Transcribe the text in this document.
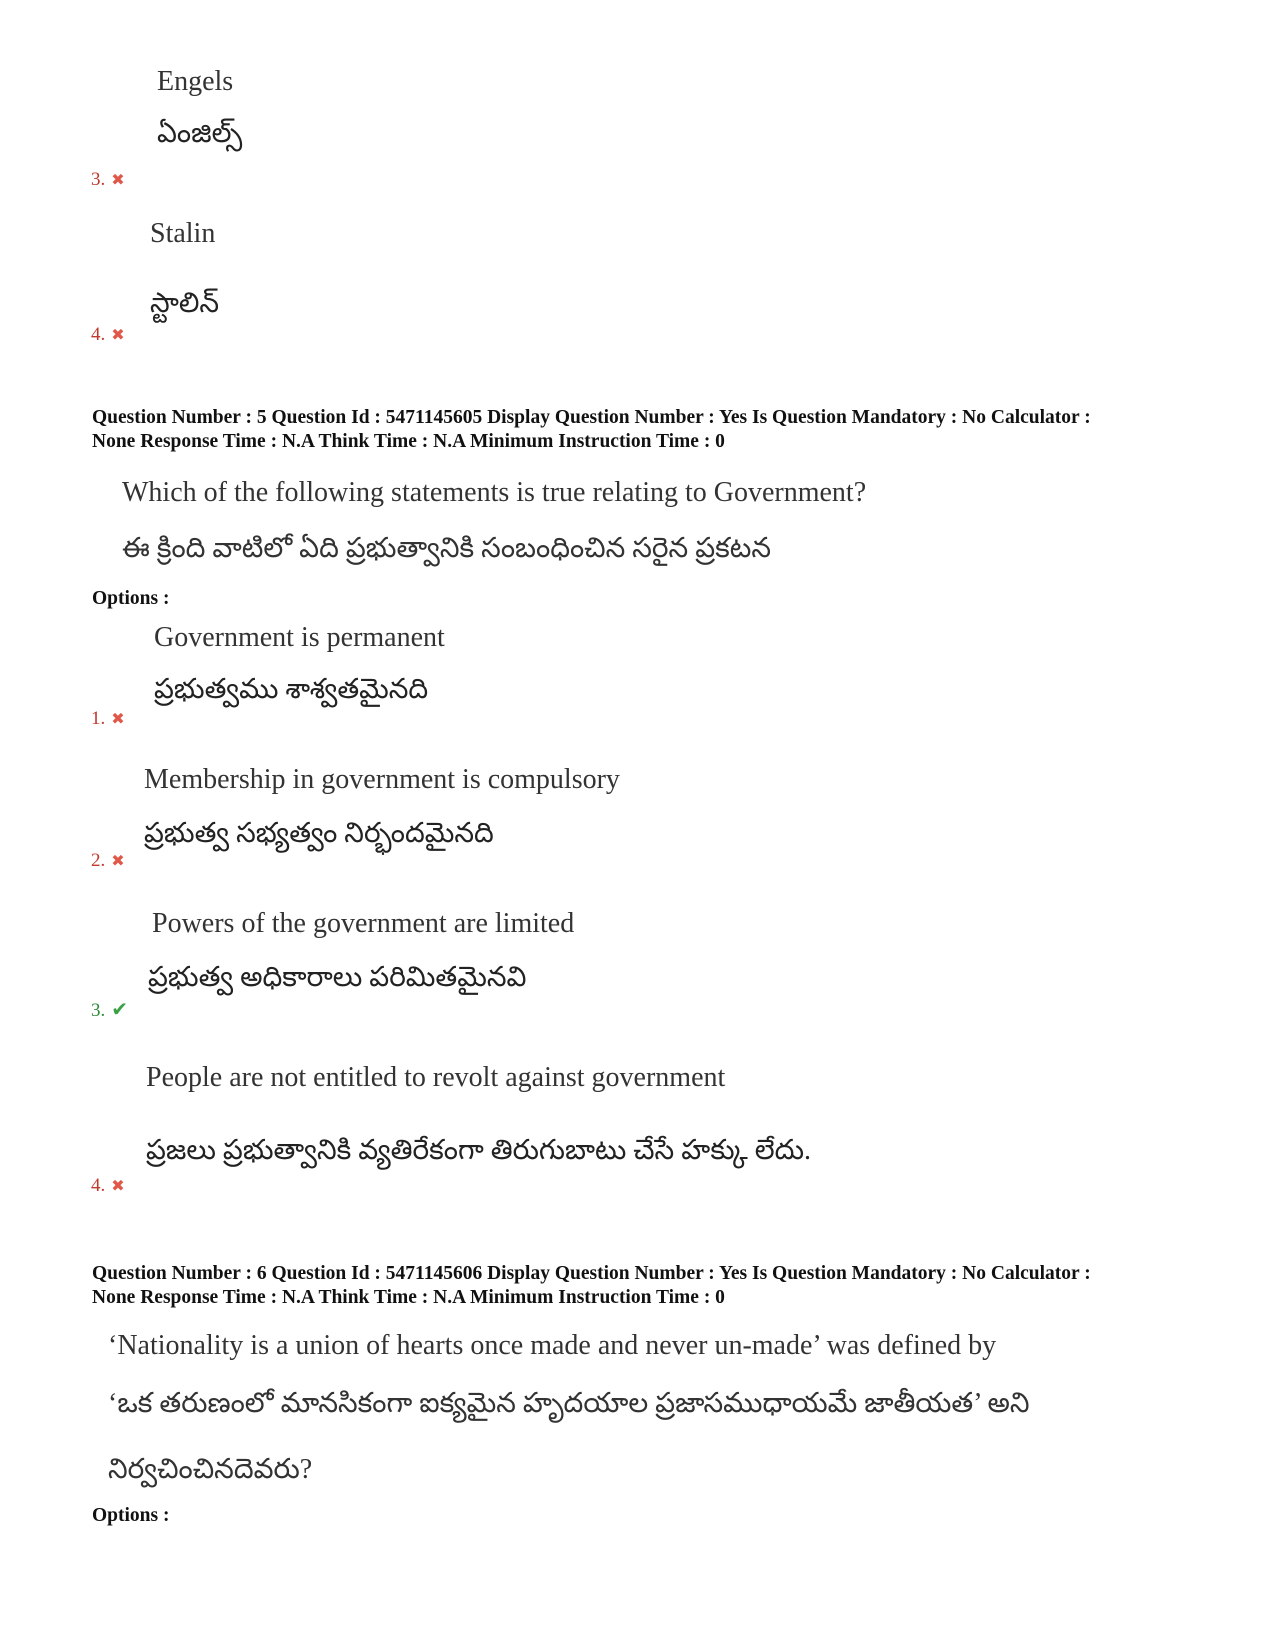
Engels
ఏంజిల్స్
3. ✖
Stalin
స్టాలిన్
4. ✖
Question Number : 5 Question Id : 5471145605 Display Question Number : Yes Is Question Mandatory : No Calculator :
None Response Time : N.A Think Time : N.A Minimum Instruction Time : 0
Which of the following statements is true relating to Government?
ఈ క్రింది వాటిలో ఏది ప్రభుత్వానికి సంబంధించిన సరైన ప్రకటన
Options :
Government is permanent
ప్రభుత్వము శాశ్వతమైనది
1. ✖
Membership in government is compulsory
ప్రభుత్వ సభ్యత్వం నిర్భందమైనది
2. ✖
Powers of the government are limited
ప్రభుత్వ అధికారాలు పరిమితమైనవి
3. ✔
People are not entitled to revolt against government
ప్రజలు ప్రభుత్వానికి వ్యతిరేకంగా తిరుగుబాటు చేసే హక్కు లేదు.
4. ✖
Question Number : 6 Question Id : 5471145606 Display Question Number : Yes Is Question Mandatory : No Calculator :
None Response Time : N.A Think Time : N.A Minimum Instruction Time : 0
‘Nationality is a union of hearts once made and never un-made’ was defined by
‘ఒక తరుణంలో మానసికంగా ఐక్యమైన హృదయాల ప్రజాసముధాయమే జాతీయత’ అని
నిర్వచించినదెవరు?
Options :
